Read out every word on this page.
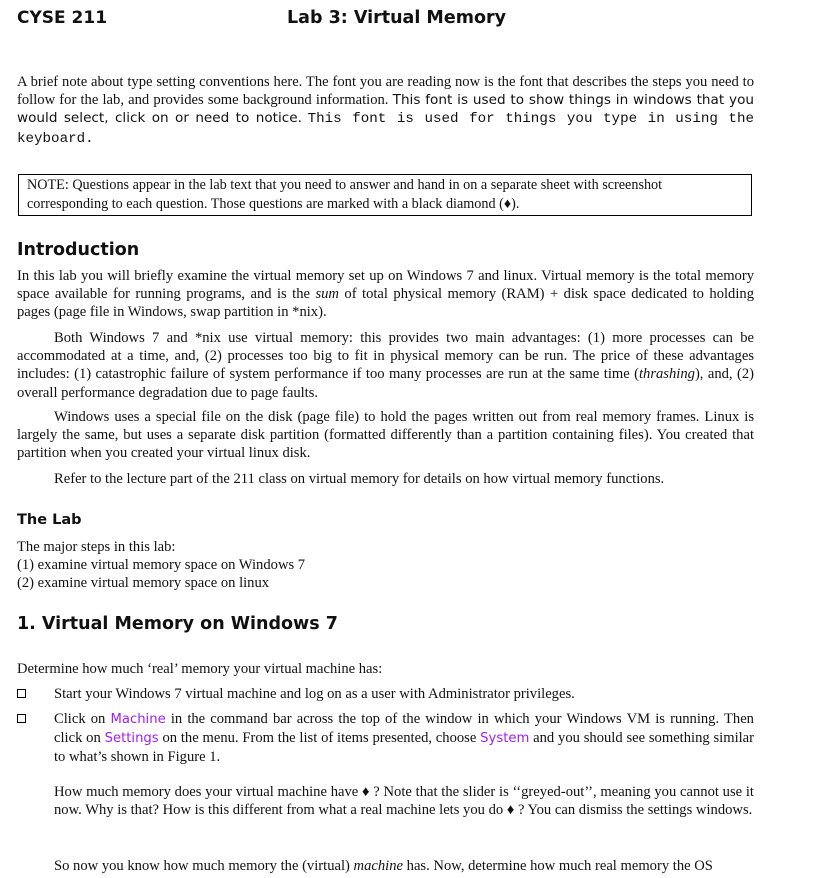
CYSE 211	Lab 3: Virtual Memory
A brief note about type setting conventions here. The font you are reading now is the font that describes the steps you need to follow for the lab, and provides some background information. This font is used to show things in windows that you would select, click on or need to notice. This font is used for things you type in using the keyboard.
NOTE: Questions appear in the lab text that you need to answer and hand in on a separate sheet with screenshot corresponding to each question. Those questions are marked with a black diamond (♦).
Introduction
In this lab you will briefly examine the virtual memory set up on Windows 7 and linux. Virtual memory is the total memory space available for running programs, and is the sum of total physical memory (RAM) + disk space dedicated to holding pages (page file in Windows, swap partition in *nix).
Both Windows 7 and *nix use virtual memory: this provides two main advantages: (1) more processes can be accommodated at a time, and, (2) processes too big to fit in physical memory can be run. The price of these advantages includes: (1) catastrophic failure of system performance if too many processes are run at the same time (thrashing), and, (2) overall performance degradation due to page faults.
Windows uses a special file on the disk (page file) to hold the pages written out from real memory frames. Linux is largely the same, but uses a separate disk partition (formatted differently than a partition containing files). You created that partition when you created your virtual linux disk.
Refer to the lecture part of the 211 class on virtual memory for details on how virtual memory functions.
The Lab
The major steps in this lab:
(1) examine virtual memory space on Windows 7
(2) examine virtual memory space on linux
1. Virtual Memory on Windows 7
Determine how much ‘real’ memory your virtual machine has:
Start your Windows 7 virtual machine and log on as a user with Administrator privileges.
Click on Machine in the command bar across the top of the window in which your Windows VM is running. Then click on Settings on the menu. From the list of items presented, choose System and you should see something similar to what’s shown in Figure 1.
How much memory does your virtual machine have ♦ ? Note that the slider is ‘‘greyed-out’’, meaning you cannot use it now. Why is that? How is this different from what a real machine lets you do ♦ ? You can dismiss the settings windows.
So now you know how much memory the (virtual) machine has. Now, determine how much real memory the OS
